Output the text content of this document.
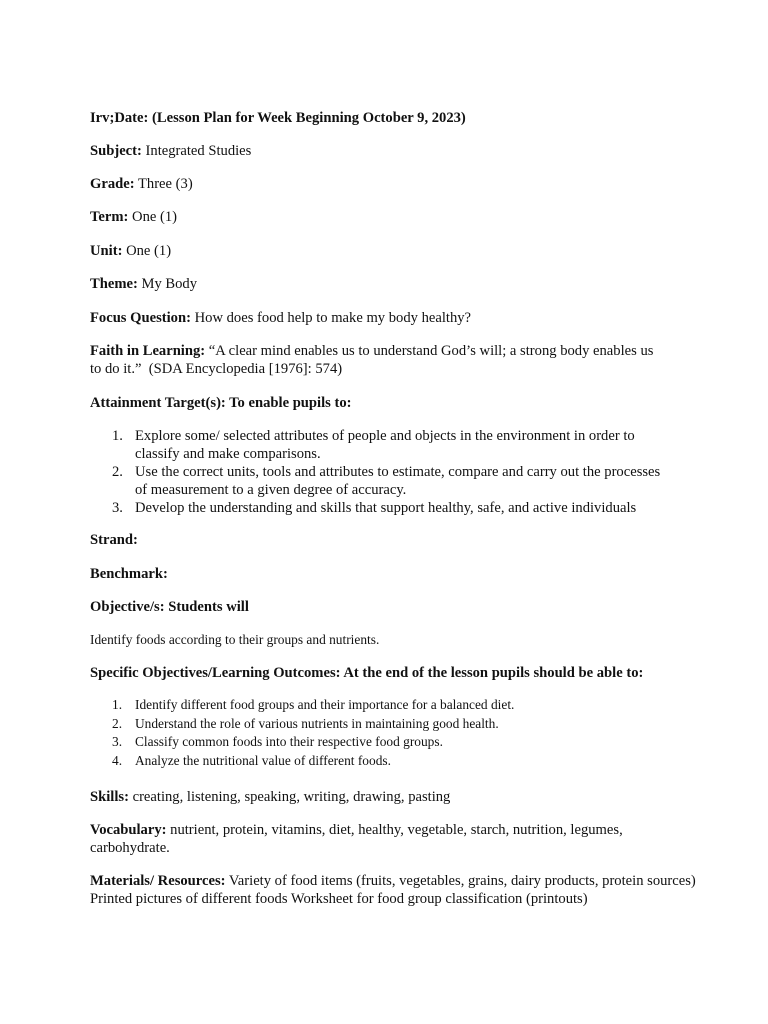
Irv;Date: (Lesson Plan for Week Beginning October 9, 2023)
Subject: Integrated Studies
Grade: Three (3)
Term: One (1)
Unit: One (1)
Theme: My Body
Focus Question: How does food help to make my body healthy?
Faith in Learning: “A clear mind enables us to understand God’s will; a strong body enables us
to do it.”  (SDA Encyclopedia [1976]: 574)
Attainment Target(s): To enable pupils to:
1. Explore some/ selected attributes of people and objects in the environment in order to
classify and make comparisons.
2. Use the correct units, tools and attributes to estimate, compare and carry out the processes
of measurement to a given degree of accuracy.
3. Develop the understanding and skills that support healthy, safe, and active individuals
Strand:
Benchmark:
Objective/s: Students will
Identify foods according to their groups and nutrients.
Specific Objectives/Learning Outcomes: At the end of the lesson pupils should be able to:
1. Identify different food groups and their importance for a balanced diet.
2. Understand the role of various nutrients in maintaining good health.
3. Classify common foods into their respective food groups.
4. Analyze the nutritional value of different foods.
Skills: creating, listening, speaking, writing, drawing, pasting
Vocabulary: nutrient, protein, vitamins, diet, healthy, vegetable, starch, nutrition, legumes,
carbohydrate.
Materials/ Resources: Variety of food items (fruits, vegetables, grains, dairy products, protein sources)
Printed pictures of different foods Worksheet for food group classification (printouts)
